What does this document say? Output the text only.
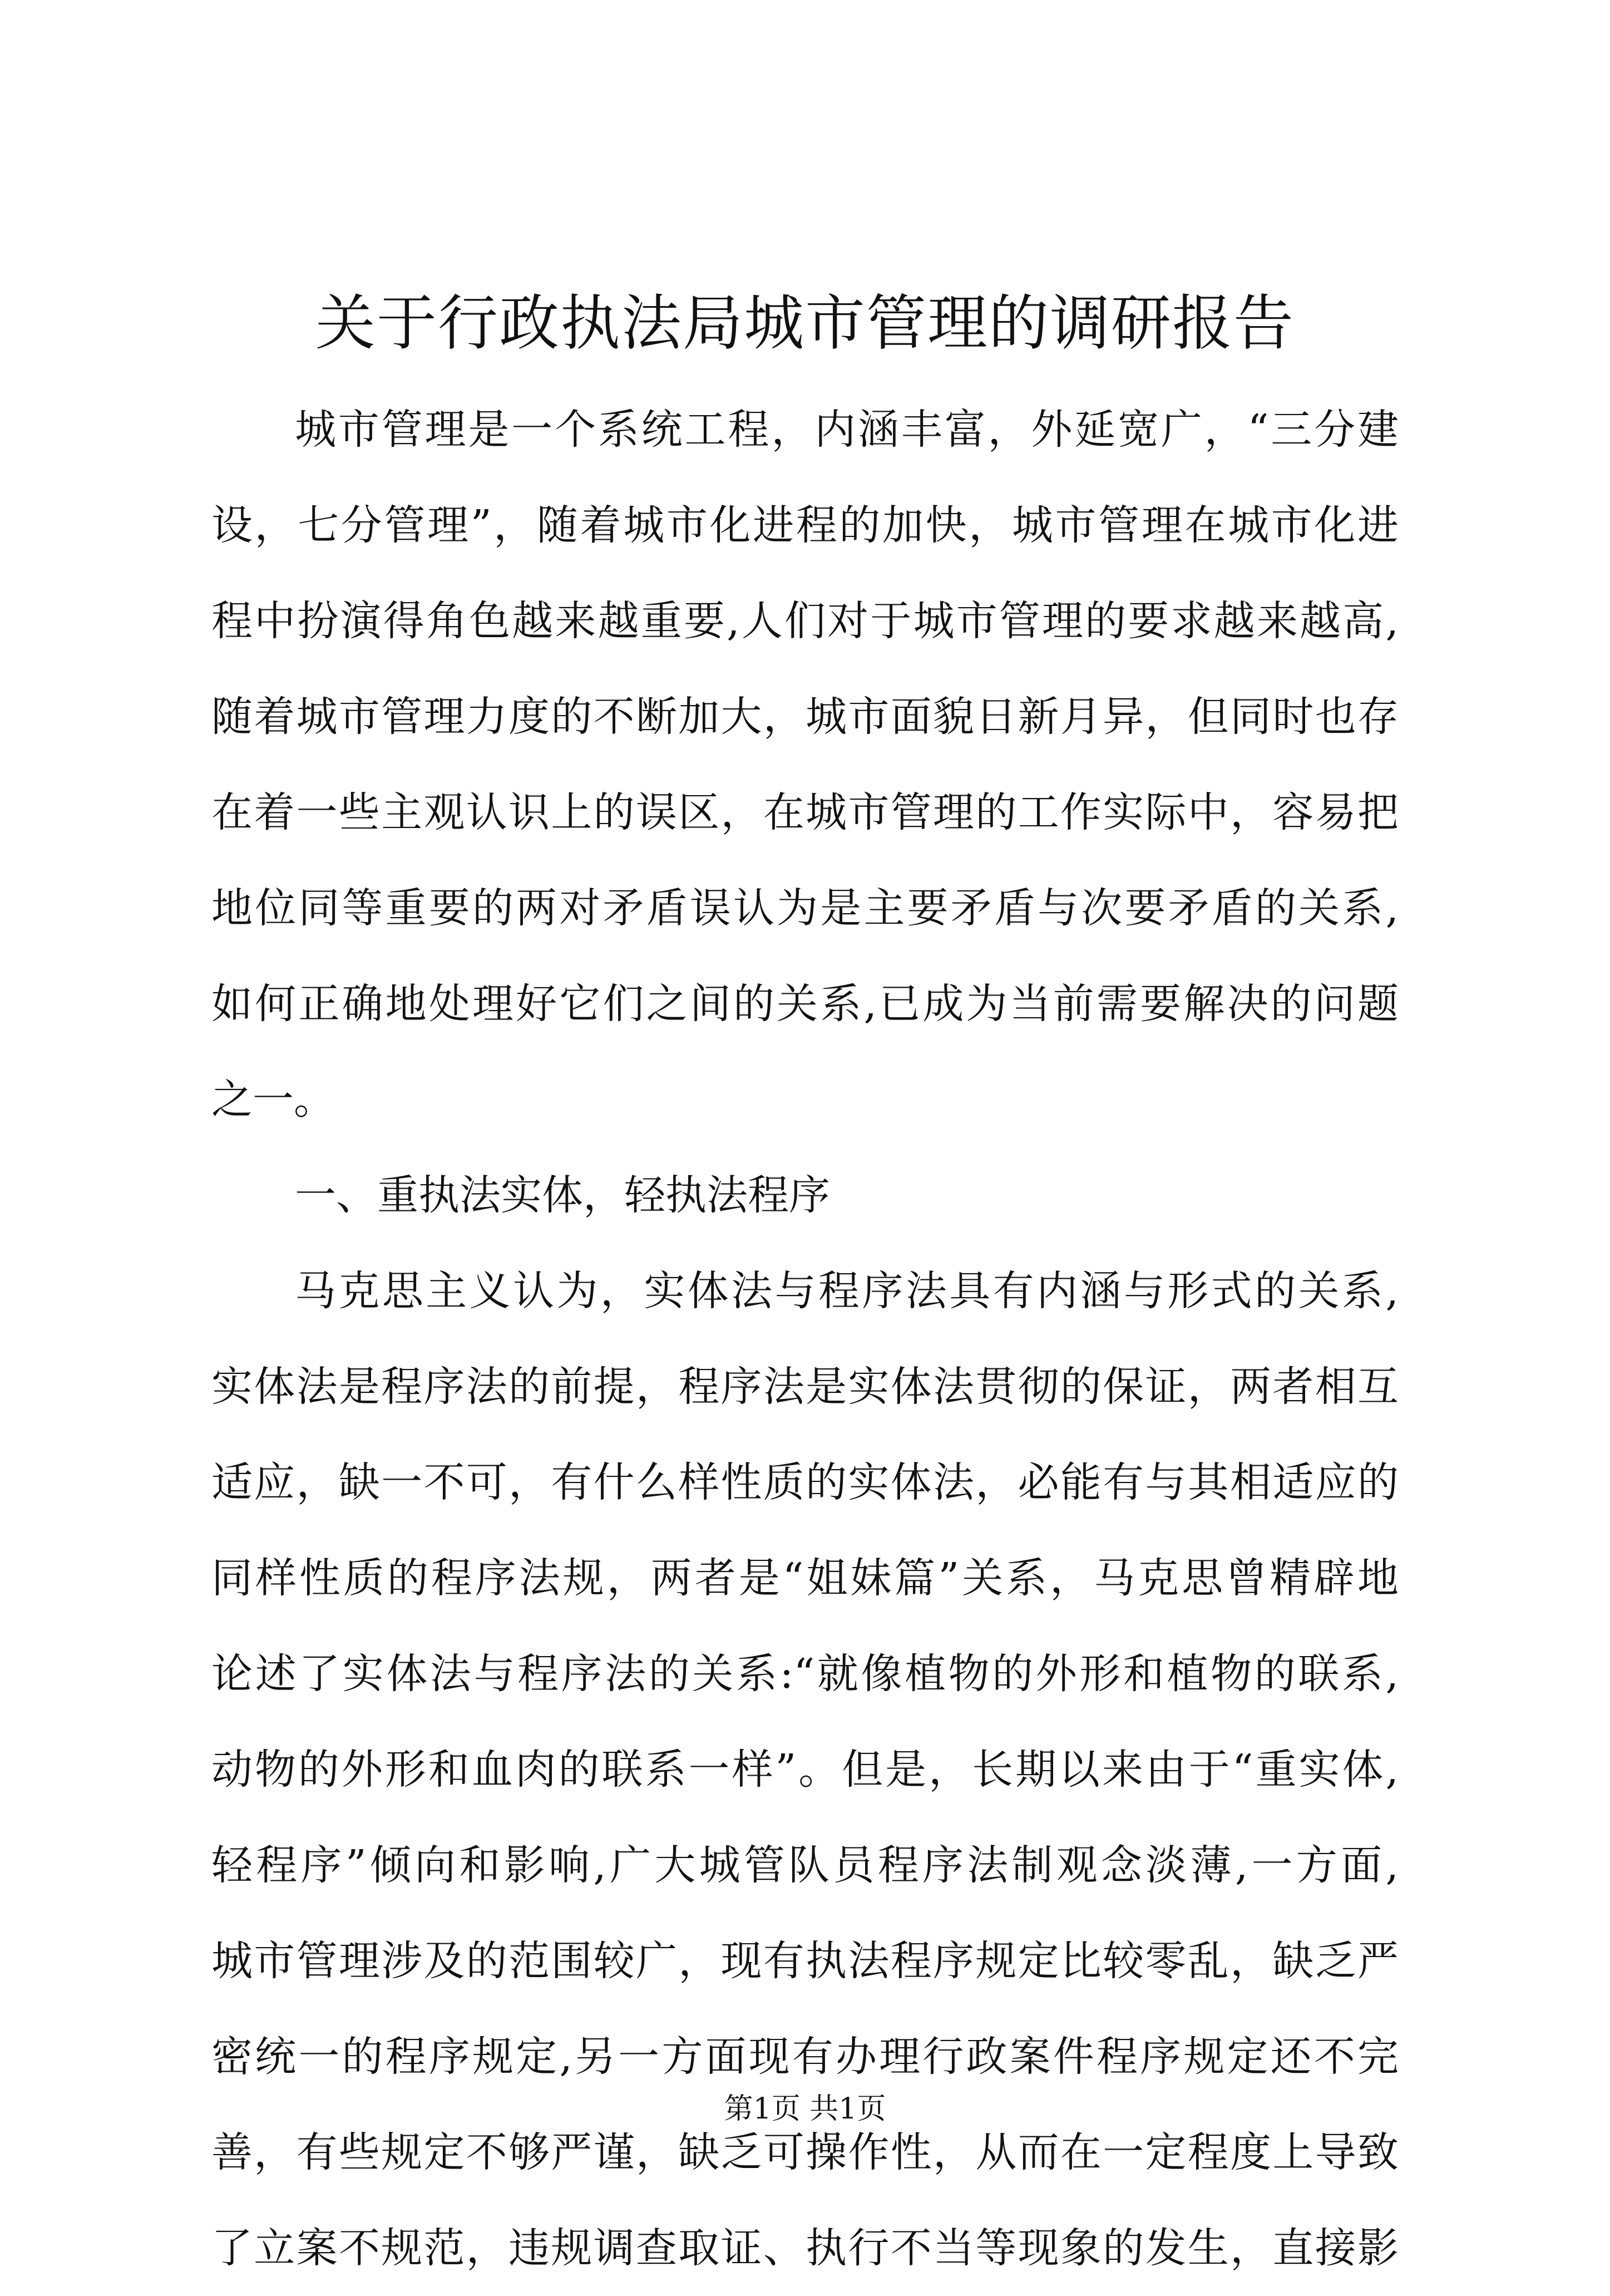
关于行政执法局城市管理的调研报告
城市管理是一个系统工程，内涵丰富，外延宽广，“三分建
设，七分管理”，随着城市化进程的加快，城市管理在城市化进
程中扮演得角色越来越重要,人们对于城市管理的要求越来越高,
随着城市管理力度的不断加大，城市面貌日新月异，但同时也存
在着一些主观认识上的误区，在城市管理的工作实际中，容易把
地位同等重要的两对矛盾误认为是主要矛盾与次要矛盾的关系,
如何正确地处理好它们之间的关系,已成为当前需要解决的问题
之一。
一、重执法实体，轻执法程序
马克思主义认为，实体法与程序法具有内涵与形式的关系,
实体法是程序法的前提，程序法是实体法贯彻的保证，两者相互
适应，缺一不可，有什么样性质的实体法，必能有与其相适应的
同样性质的程序法规，两者是“姐妹篇”关系，马克思曾精辟地
论述了实体法与程序法的关系:“就像植物的外形和植物的联系,
动物的外形和血肉的联系一样”。但是，长期以来由于“重实体,
轻程序”倾向和影响,广大城管队员程序法制观念淡薄,一方面,
城市管理涉及的范围较广，现有执法程序规定比较零乱，缺乏严
密统一的程序规定,另一方面现有办理行政案件程序规定还不完
善，有些规定不够严谨，缺乏可操作性，从而在一定程度上导致
了立案不规范，违规调查取证、执行不当等现象的发生，直接影
第1页 共1页
